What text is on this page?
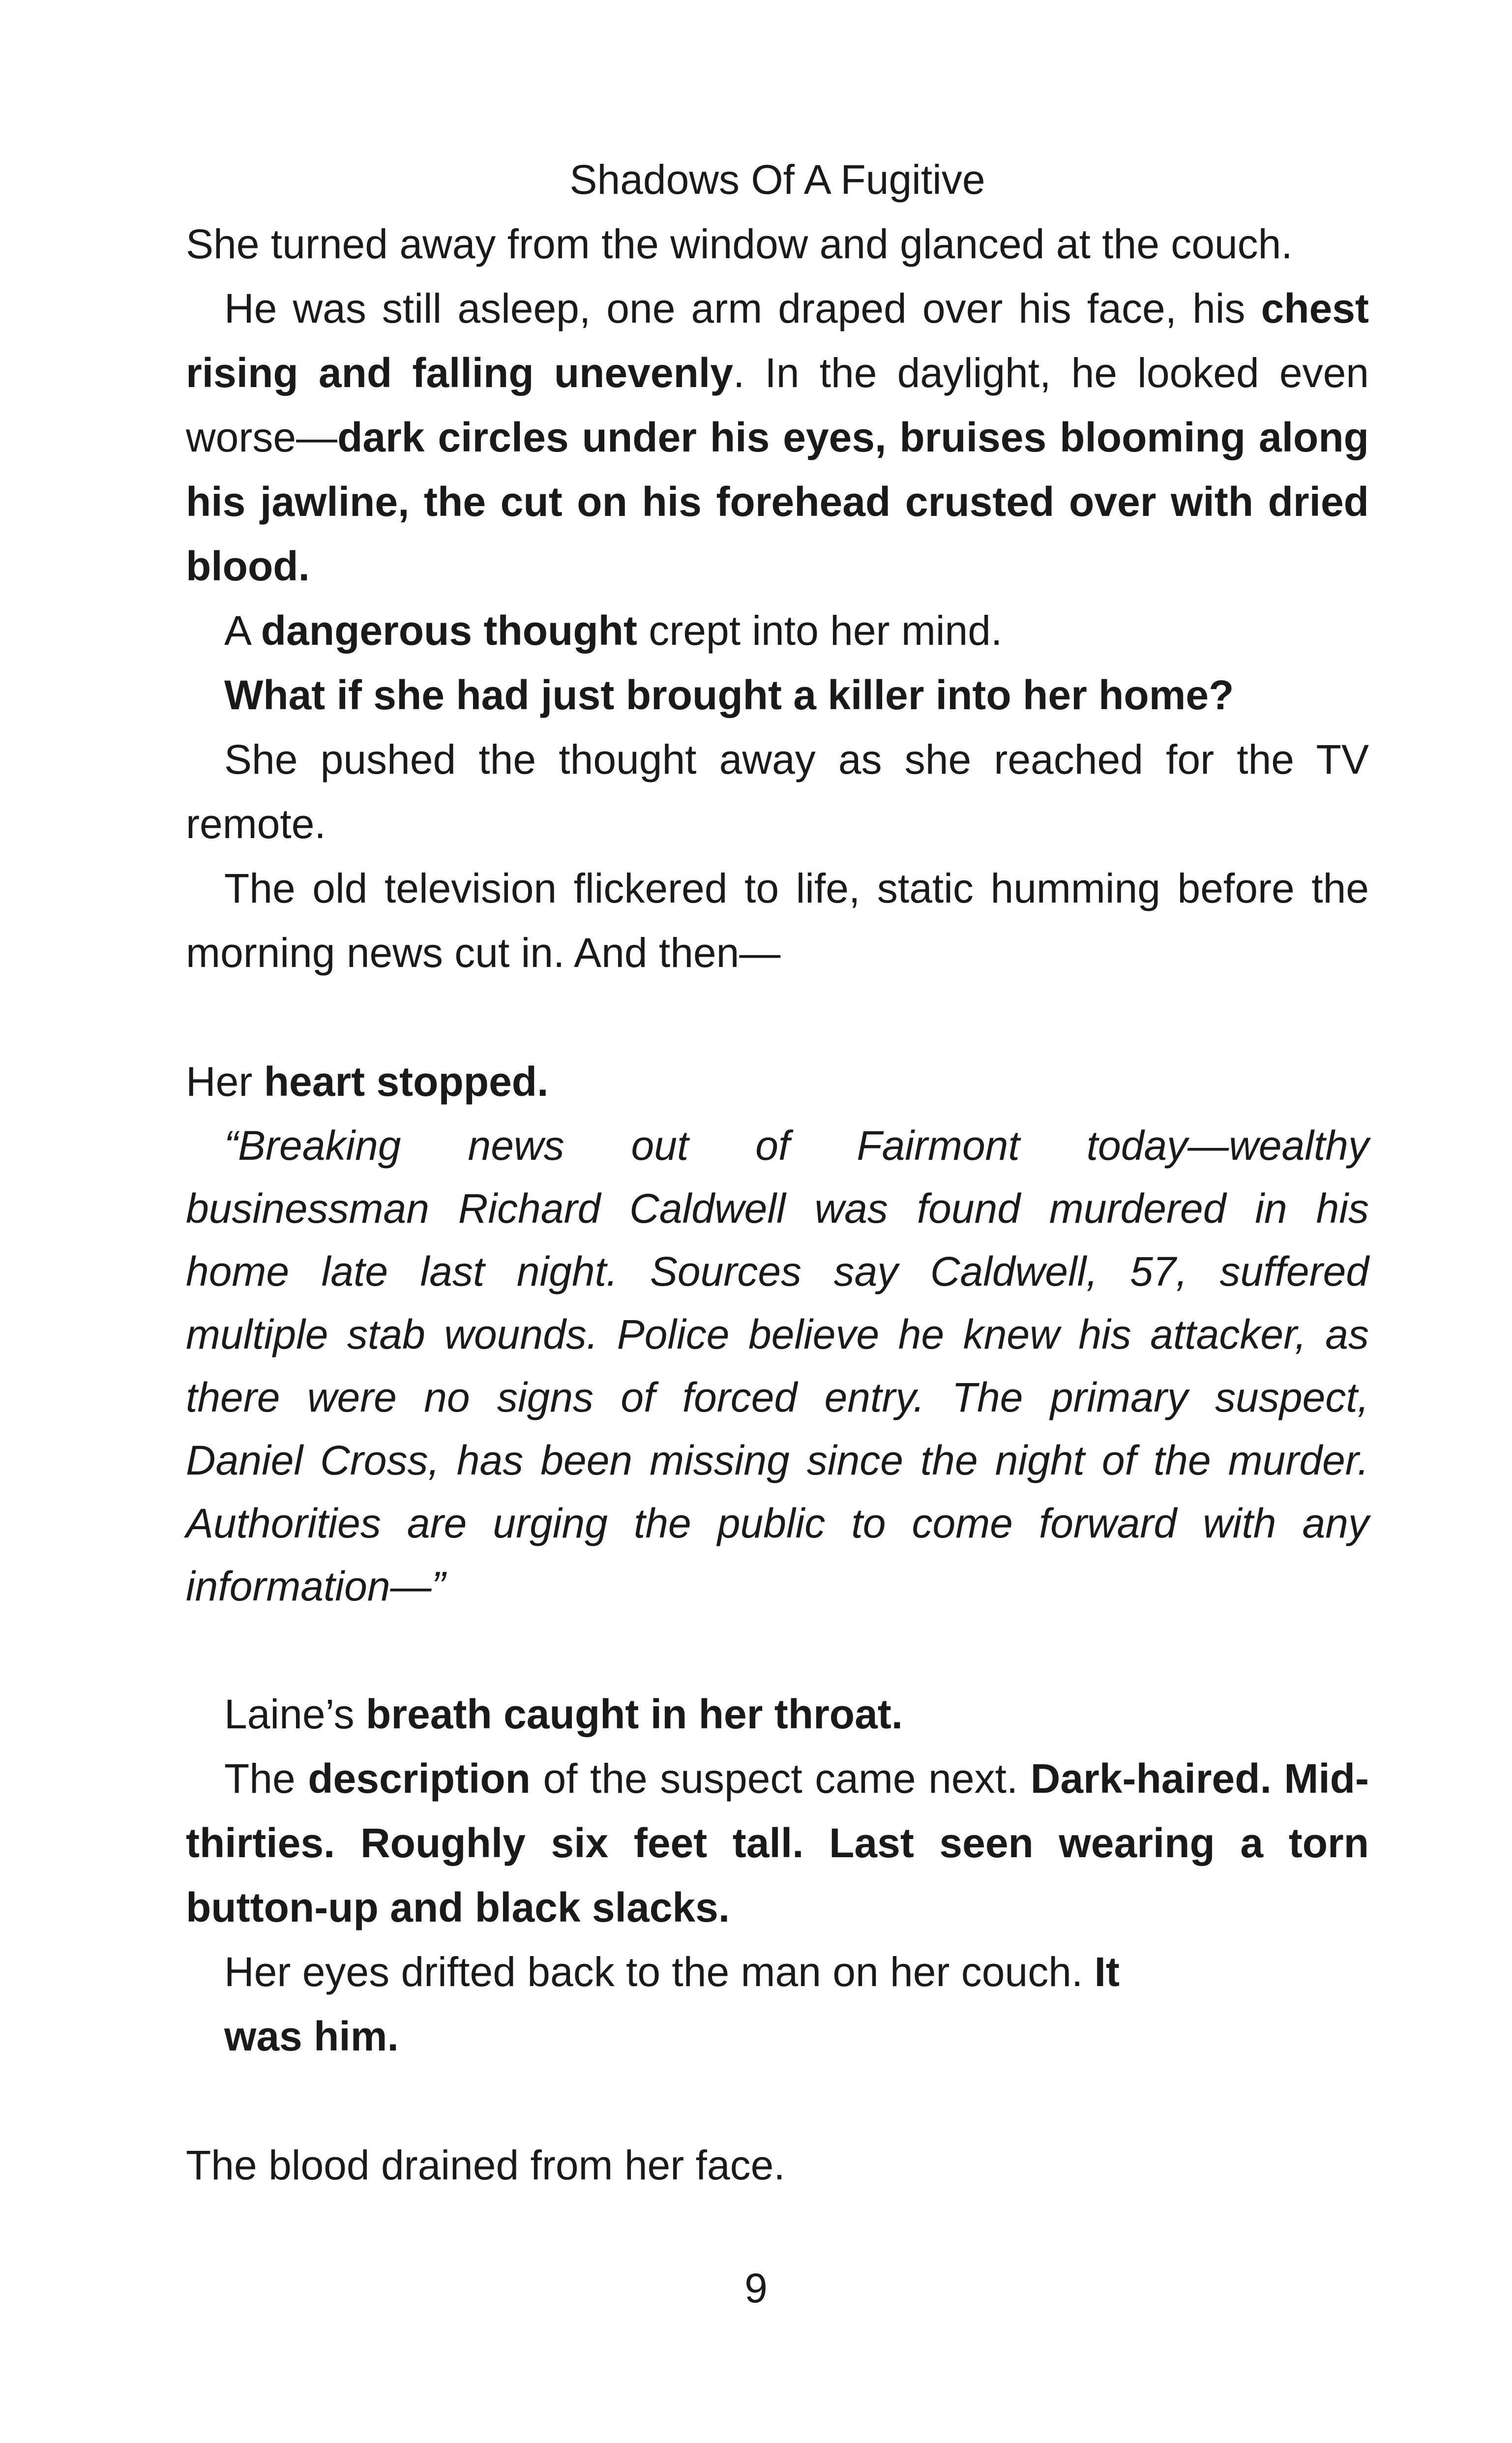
Shadows Of A Fugitive

She turned away from the window and glanced at the couch.

He was still asleep, one arm draped over his face, his chest rising and falling unevenly. In the daylight, he looked even worse—dark circles under his eyes, bruises blooming along his jawline, the cut on his forehead crusted over with dried blood.

A dangerous thought crept into her mind.

What if she had just brought a killer into her home?

She pushed the thought away as she reached for the TV remote.

The old television flickered to life, static humming before the morning news cut in. And then—

Her heart stopped.

“Breaking news out of Fairmont today—wealthy
businessman Richard Caldwell was found murdered in his
home late last night. Sources say Caldwell, 57, suffered
multiple stab wounds. Police believe he knew his attacker, as
there were no signs of forced entry. The primary suspect,
Daniel Cross, has been missing since the night of the murder.
Authorities are urging the public to come forward with any
information—”

Laine’s breath caught in her throat.

The description of the suspect came next. Dark-haired. Mid-thirties. Roughly six feet tall. Last seen wearing a torn button-up and black slacks.

Her eyes drifted back to the man on her couch. It

was him.

The blood drained from her face.

9
